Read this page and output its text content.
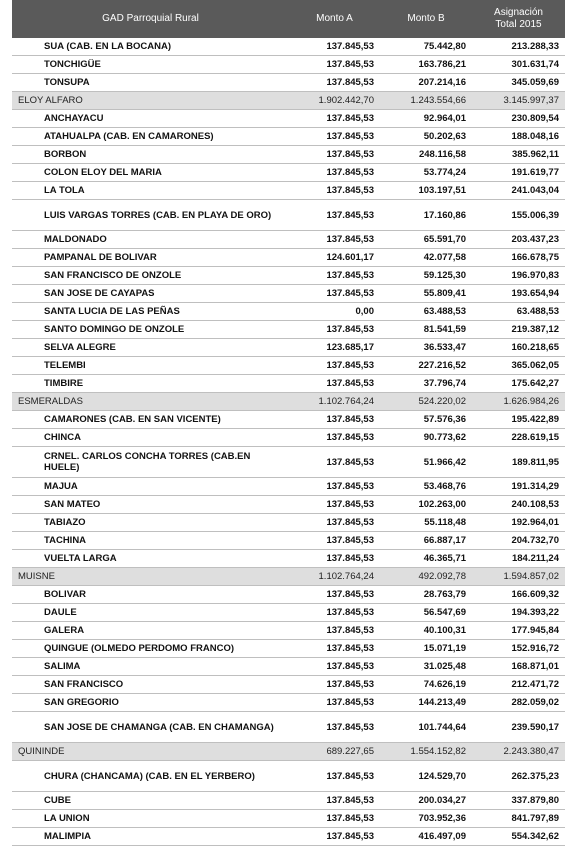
GAD Parroquial Rural	Monto A	Monto B	Asignación
Total 2015
SUA (CAB. EN LA BOCANA)	137.845,53	75.442,80	213.288,33
TONCHIGÜE	137.845,53	163.786,21	301.631,74
TONSUPA	137.845,53	207.214,16	345.059,69
ELOY ALFARO	1.902.442,70	1.243.554,66	3.145.997,37
ANCHAYACU	137.845,53	92.964,01	230.809,54
ATAHUALPA (CAB. EN CAMARONES)	137.845,53	50.202,63	188.048,16
BORBON	137.845,53	248.116,58	385.962,11
COLON ELOY DEL MARIA	137.845,53	53.774,24	191.619,77
LA TOLA	137.845,53	103.197,51	241.043,04
LUIS VARGAS TORRES (CAB. EN PLAYA DE ORO)	137.845,53	17.160,86	155.006,39
MALDONADO	137.845,53	65.591,70	203.437,23
PAMPANAL DE BOLIVAR	124.601,17	42.077,58	166.678,75
SAN FRANCISCO DE ONZOLE	137.845,53	59.125,30	196.970,83
SAN JOSE DE CAYAPAS	137.845,53	55.809,41	193.654,94
SANTA LUCIA DE LAS PEÑAS	0,00	63.488,53	63.488,53
SANTO DOMINGO DE ONZOLE	137.845,53	81.541,59	219.387,12
SELVA ALEGRE	123.685,17	36.533,47	160.218,65
TELEMBI	137.845,53	227.216,52	365.062,05
TIMBIRE	137.845,53	37.796,74	175.642,27
ESMERALDAS	1.102.764,24	524.220,02	1.626.984,26
CAMARONES (CAB. EN SAN VICENTE)	137.845,53	57.576,36	195.422,89
CHINCA	137.845,53	90.773,62	228.619,15
CRNEL. CARLOS CONCHA TORRES (CAB.EN HUELE)	137.845,53	51.966,42	189.811,95
MAJUA	137.845,53	53.468,76	191.314,29
SAN MATEO	137.845,53	102.263,00	240.108,53
TABIAZO	137.845,53	55.118,48	192.964,01
TACHINA	137.845,53	66.887,17	204.732,70
VUELTA LARGA	137.845,53	46.365,71	184.211,24
MUISNE	1.102.764,24	492.092,78	1.594.857,02
BOLIVAR	137.845,53	28.763,79	166.609,32
DAULE	137.845,53	56.547,69	194.393,22
GALERA	137.845,53	40.100,31	177.945,84
QUINGUE (OLMEDO PERDOMO FRANCO)	137.845,53	15.071,19	152.916,72
SALIMA	137.845,53	31.025,48	168.871,01
SAN FRANCISCO	137.845,53	74.626,19	212.471,72
SAN GREGORIO	137.845,53	144.213,49	282.059,02
SAN JOSE DE CHAMANGA (CAB. EN CHAMANGA)	137.845,53	101.744,64	239.590,17
QUININDE	689.227,65	1.554.152,82	2.243.380,47
CHURA (CHANCAMA) (CAB. EN EL YERBERO)	137.845,53	124.529,70	262.375,23
CUBE	137.845,53	200.034,27	337.879,80
LA UNION	137.845,53	703.952,36	841.797,89
MALIMPIA	137.845,53	416.497,09	554.342,62
